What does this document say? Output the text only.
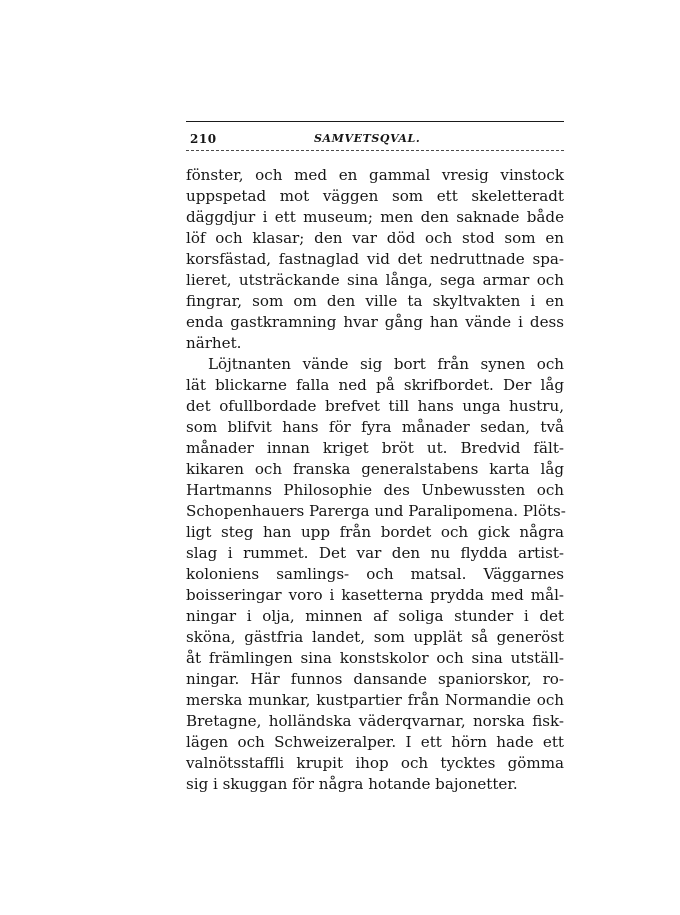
210	SAMVETSQVAL.
fönster, och med en gammal vresig vinstock
uppspetad mot väggen som ett skeletteradt
däggdjur i ett museum; men den saknade både
löf och klasar; den var död och stod som en
korsfästad, fastnaglad vid det nedruttnade spa-
lieret, utsträckande sina långa, sega armar och
fingrar, som om den ville ta skyltvakten i en
enda gastkramning hvar gång han vände i dess
närhet.
Löjtnanten vände sig bort från synen och
lät blickarne falla ned på skrifbordet. Der låg
det ofullbordade brefvet till hans unga hustru,
som blifvit hans för fyra månader sedan, två
månader innan kriget bröt ut. Bredvid fält-
kikaren och franska generalstabens karta låg
Hartmanns Philosophie des Unbewussten och
Schopenhauers Parerga und Paralipomena. Plöts-
ligt steg han upp från bordet och gick några
slag i rummet. Det var den nu flydda artist-
koloniens samlings- och matsal. Väggarnes
boisseringar voro i kasetterna prydda med mål-
ningar i olja, minnen af soliga stunder i det
sköna, gästfria landet, som upplät så generöst
åt främlingen sina konstskolor och sina utställ-
ningar. Här funnos dansande spaniorskor, ro-
merska munkar, kustpartier från Normandie och
Bretagne, holländska väderqvarnar, norska fisk-
lägen och Schweizeralper. I ett hörn hade ett
valnötsstaffli krupit ihop och tycktes gömma
sig i skuggan för några hotande bajonetter.
